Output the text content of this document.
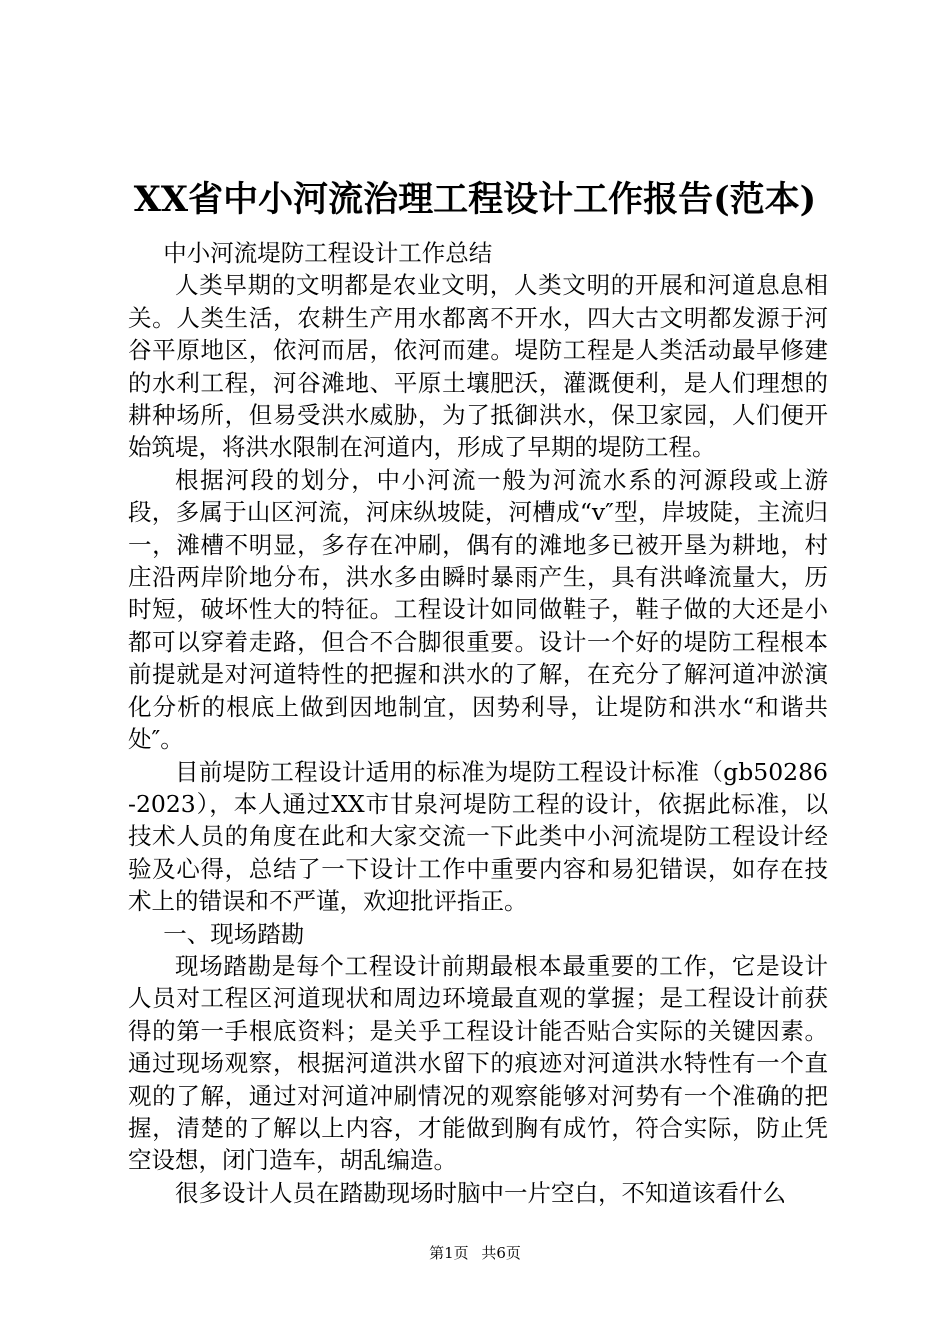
XX省中小河流治理工程设计工作报告(范本)

中小河流堤防工程设计工作总结

人类早期的文明都是农业文明，人类文明的开展和河道息息相关。人类生活，农耕生产用水都离不开水，四大古文明都发源于河谷平原地区，依河而居，依河而建。堤防工程是人类活动最早修建的水利工程，河谷滩地、平原土壤肥沃，灌溉便利，是人们理想的耕种场所，但易受洪水威胁，为了抵御洪水，保卫家园，人们便开始筑堤，将洪水限制在河道内，形成了早期的堤防工程。

根据河段的划分，中小河流一般为河流水系的河源段或上游段，多属于山区河流，河床纵坡陡，河槽成“v″型，岸坡陡，主流归一，滩槽不明显，多存在冲刷，偶有的滩地多已被开垦为耕地，村庄沿两岸阶地分布，洪水多由瞬时暴雨产生，具有洪峰流量大，历时短，破坏性大的特征。工程设计如同做鞋子，鞋子做的大还是小都可以穿着走路，但合不合脚很重要。设计一个好的堤防工程根本前提就是对河道特性的把握和洪水的了解，在充分了解河道冲淤演化分析的根底上做到因地制宜，因势利导，让堤防和洪水“和谐共处″。

目前堤防工程设计适用的标准为堤防工程设计标准（gb50286-2023），本人通过XX市甘泉河堤防工程的设计，依据此标准，以技术人员的角度在此和大家交流一下此类中小河流堤防工程设计经验及心得，总结了一下设计工作中重要内容和易犯错误，如存在技术上的错误和不严谨，欢迎批评指正。

一、现场踏勘

现场踏勘是每个工程设计前期最根本最重要的工作，它是设计人员对工程区河道现状和周边环境最直观的掌握；是工程设计前获得的第一手根底资料；是关乎工程设计能否贴合实际的关键因素。通过现场观察，根据河道洪水留下的痕迹对河道洪水特性有一个直观的了解，通过对河道冲刷情况的观察能够对河势有一个准确的把握，清楚的了解以上内容，才能做到胸有成竹，符合实际，防止凭空设想，闭门造车，胡乱编造。

很多设计人员在踏勘现场时脑中一片空白，不知道该看什么

第1页 共6页
